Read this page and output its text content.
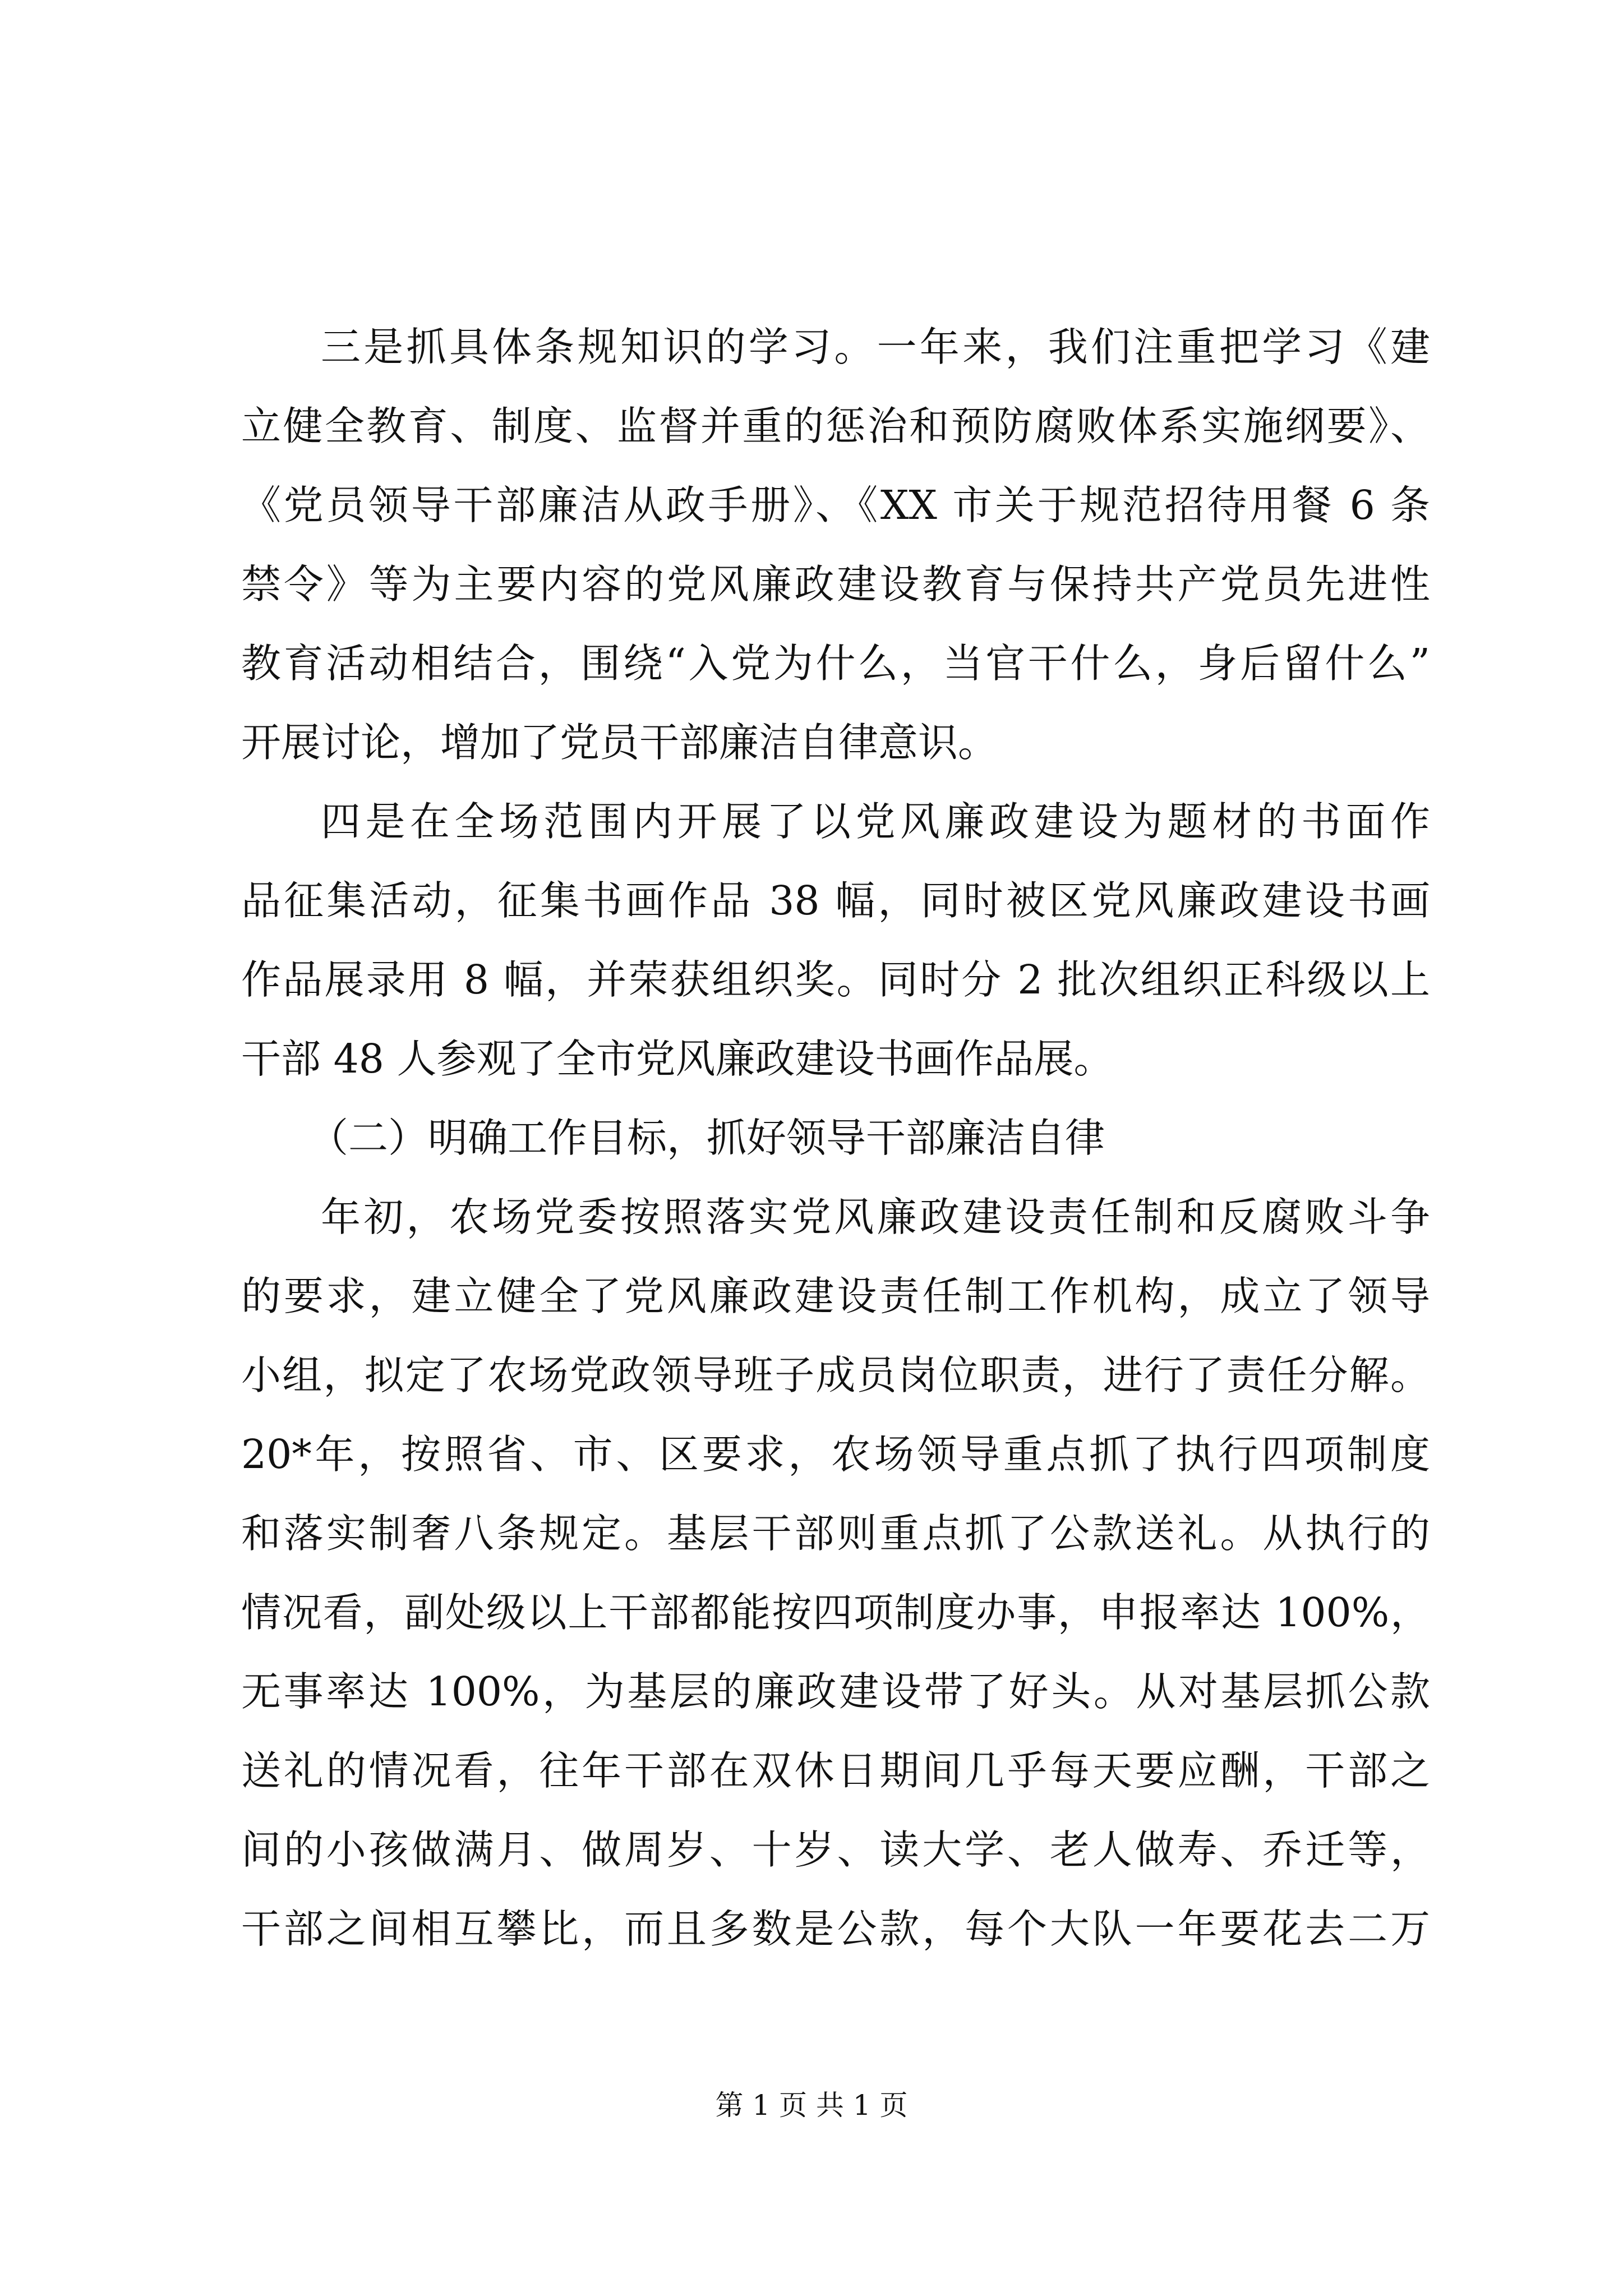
三是抓具体条规知识的学习。一年来，我们注重把学习《建
立健全教育、制度、监督并重的惩治和预防腐败体系实施纲要》、
《党员领导干部廉洁从政手册》、《XX 市关于规范招待用餐 6 条
禁令》等为主要内容的党风廉政建设教育与保持共产党员先进性
教育活动相结合，围绕“入党为什么，当官干什么，身后留什么”
开展讨论，增加了党员干部廉洁自律意识。
四是在全场范围内开展了以党风廉政建设为题材的书面作
品征集活动，征集书画作品 38 幅，同时被区党风廉政建设书画
作品展录用 8 幅，并荣获组织奖。同时分 2 批次组织正科级以上
干部 48 人参观了全市党风廉政建设书画作品展。
（二）明确工作目标，抓好领导干部廉洁自律
年初，农场党委按照落实党风廉政建设责任制和反腐败斗争
的要求，建立健全了党风廉政建设责任制工作机构，成立了领导
小组，拟定了农场党政领导班子成员岗位职责，进行了责任分解。
20*年，按照省、市、区要求，农场领导重点抓了执行四项制度
和落实制奢八条规定。基层干部则重点抓了公款送礼。从执行的
情况看，副处级以上干部都能按四项制度办事，申报率达 100%，
无事率达 100%，为基层的廉政建设带了好头。从对基层抓公款
送礼的情况看，往年干部在双休日期间几乎每天要应酬，干部之
间的小孩做满月、做周岁、十岁、读大学、老人做寿、乔迁等，
干部之间相互攀比，而且多数是公款，每个大队一年要花去二万
第 1 页 共 1 页
